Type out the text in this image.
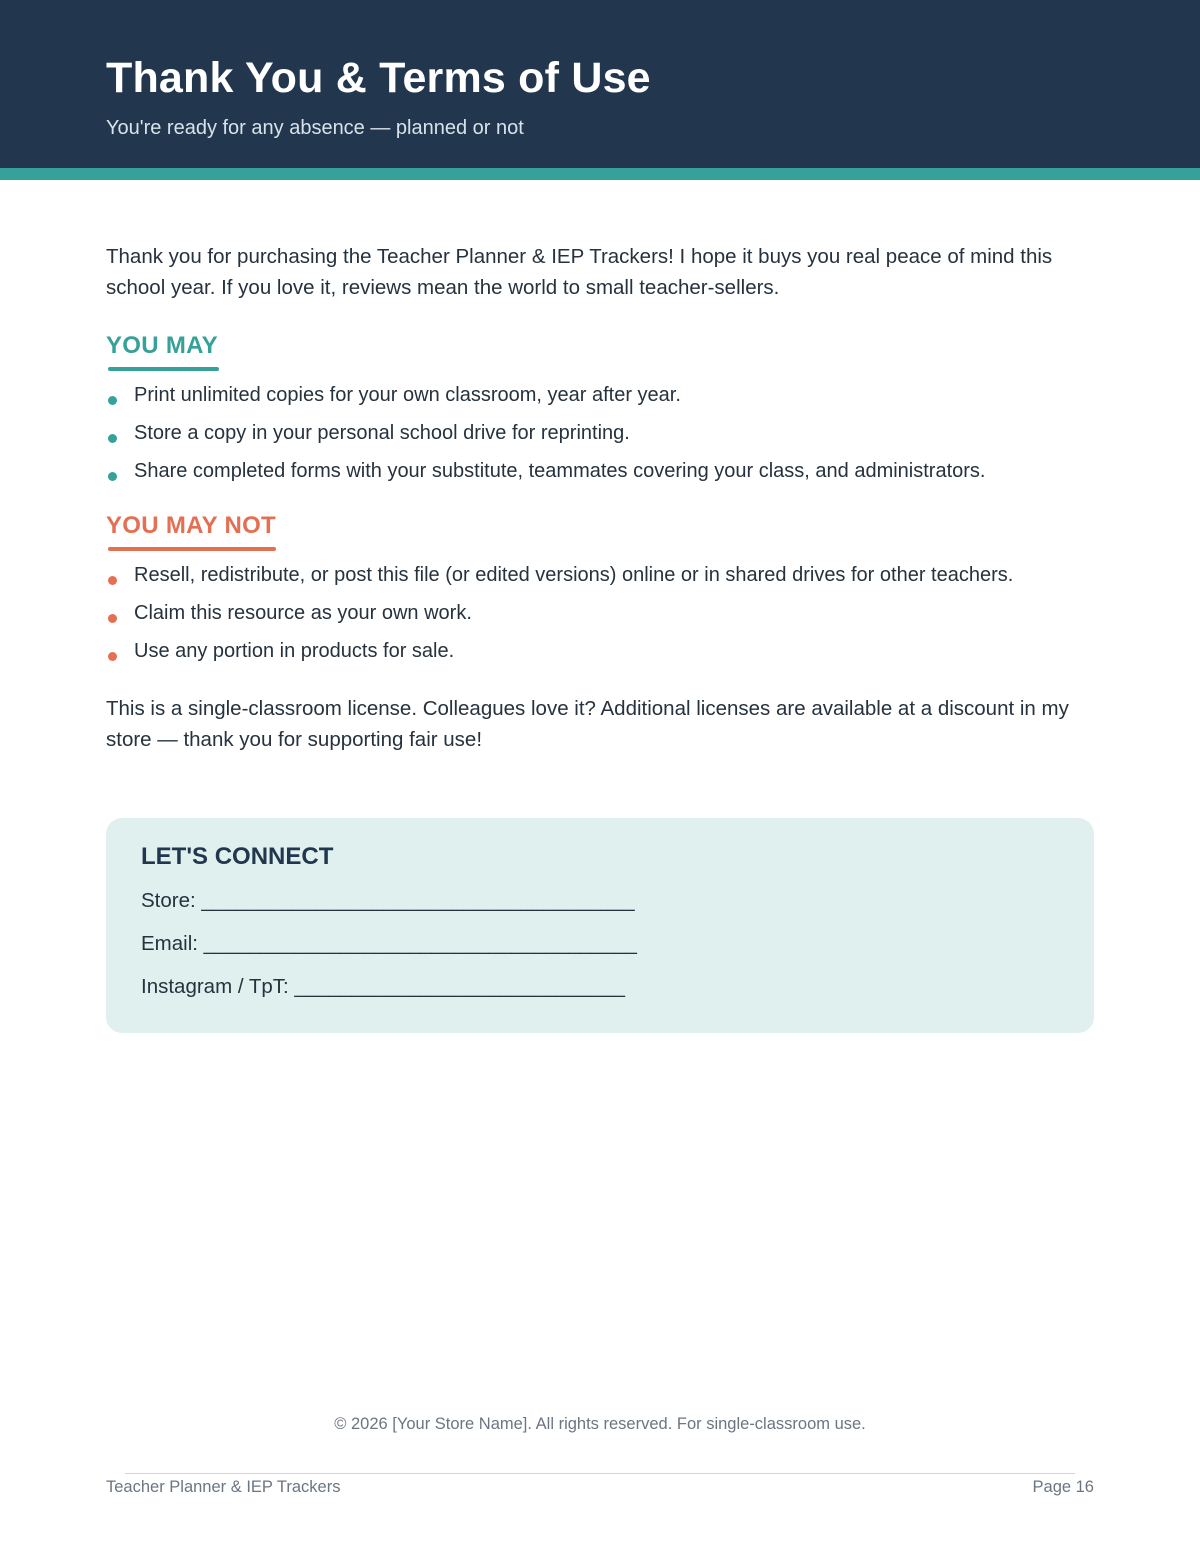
Thank You & Terms of Use
You're ready for any absence — planned or not

Thank you for purchasing the Teacher Planner & IEP Trackers! I hope it buys you real peace of mind this school year. If you love it, reviews mean the world to small teacher-sellers.

YOU MAY
Print unlimited copies for your own classroom, year after year.
Store a copy in your personal school drive for reprinting.
Share completed forms with your substitute, teammates covering your class, and administrators.
YOU MAY NOT
Resell, redistribute, or post this file (or edited versions) online or in shared drives for other teachers.
Claim this resource as your own work.
Use any portion in products for sale.

This is a single-classroom license. Colleagues love it? Additional licenses are available at a discount in my store — thank you for supporting fair use!

LET'S CONNECT
Store: ______________________________________
Email: ______________________________________
Instagram / TpT: _____________________________
© 2026 [Your Store Name]. All rights reserved. For single-classroom use.
Teacher Planner & IEP Trackers	Page 16
